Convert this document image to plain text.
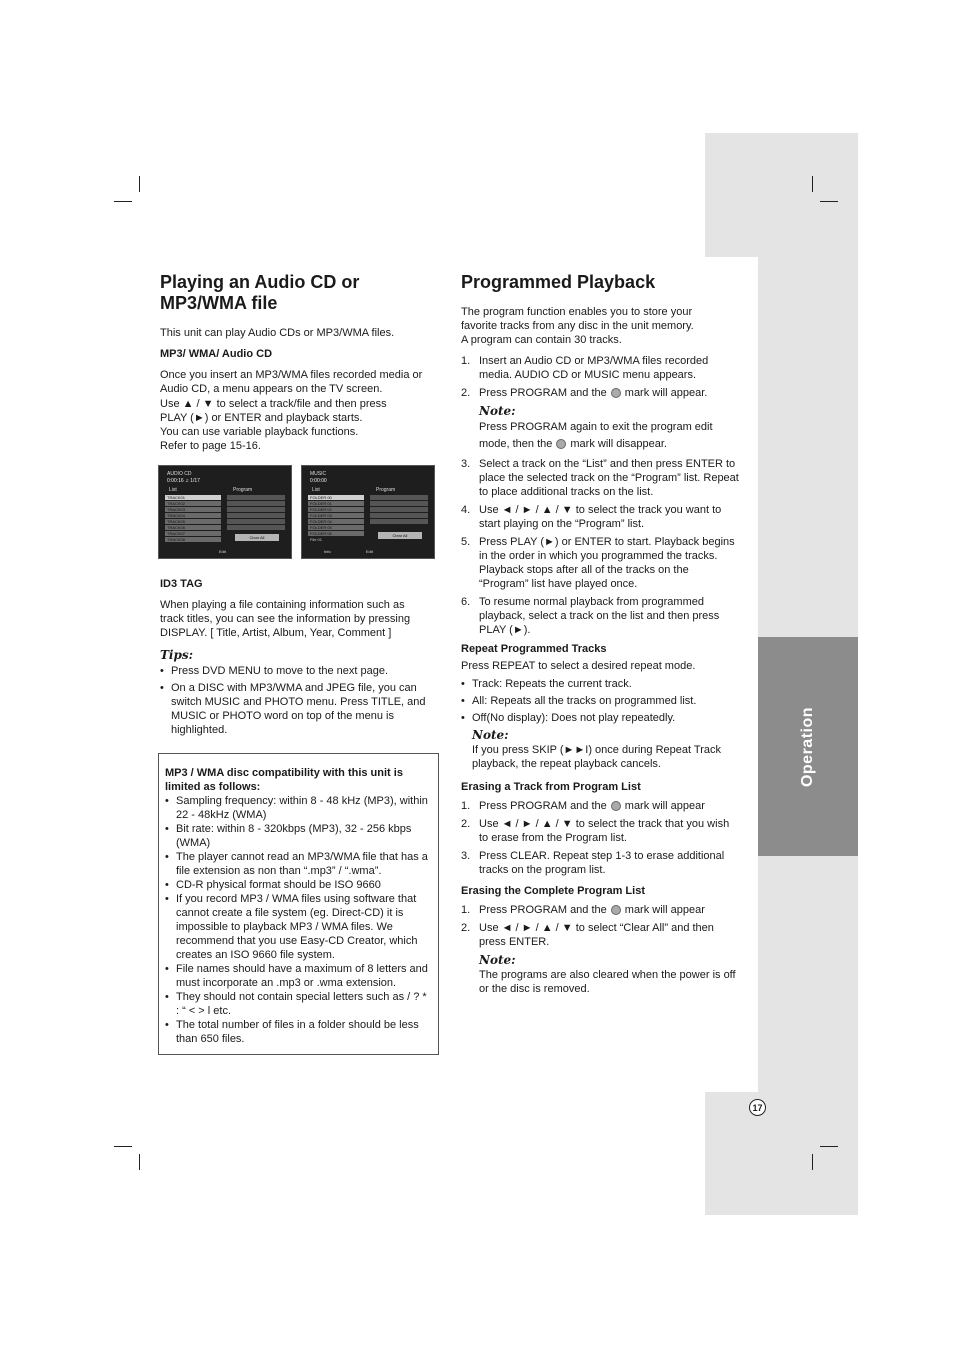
Operation
17
Playing an Audio CD or
MP3/WMA file

This unit can play Audio CDs or MP3/WMA files.

MP3/ WMA/ Audio CD

Once you insert an MP3/WMA files recorded media or
Audio CD, a menu appears on the TV screen.
Use ▲ / ▼ to select a track/file and then press
PLAY (►) or ENTER and playback starts.
You can use variable playback functions.
Refer to page 15-16.
AUDIO CD
0:00:16 ♫ 1/17
List	Program
TRACK01
TRACK02
TRACK03
TRACK04
TRACK05
TRACK06
TRACK07
TRACK08	Clear All
Edit
MUSIC
0:00:00
List	Program
FOLDER 00
FOLDER 01
FOLDER 02
FOLDER 03
FOLDER 04
FOLDER 05
FOLDER 06
File 01
Clear All
Info	Edit

ID3 TAG

When playing a file containing information such as
track titles, you can see the information by pressing
DISPLAY. [ Title, Artist, Album, Year, Comment ]
Tips:
• Press DVD MENU to move to the next page.
• On a DISC with MP3/WMA and JPEG file, you can switch MUSIC and PHOTO menu. Press TITLE, and MUSIC or PHOTO word on top of the menu is highlighted.

MP3 / WMA disc compatibility with this unit is limited as follows:

• Sampling frequency: within 8 - 48 kHz (MP3), within 22 - 48kHz (WMA)
• Bit rate: within 8 - 320kbps (MP3), 32 - 256 kbps (WMA)
• The player cannot read an MP3/WMA file that has a file extension as non than “.mp3” / “.wma”.
• CD-R physical format should be ISO 9660
• If you record MP3 / WMA files using software that cannot create a file system (eg. Direct-CD) it is impossible to playback MP3 / WMA files. We recommend that you use Easy-CD Creator, which creates an ISO 9660 file system.
• File names should have a maximum of 8 letters and must incorporate an .mp3 or .wma extension.
• They should not contain special letters such as / ? * : “ < > l etc.
• The total number of files in a folder should be less than 650 files.
Programmed Playback
The program function enables you to store your
favorite tracks from any disc in the unit memory.
A program can contain 30 tracks.
1. Insert an Audio CD or MP3/WMA files recorded media. AUDIO CD or MUSIC menu appears.
2. Press PROGRAM and the mark will appear.
Note:
Press PROGRAM again to exit the program edit
mode, then the mark will disappear.
3. Select a track on the “List” and then press ENTER to place the selected track on the “Program” list. Repeat to place additional tracks on the list.
4. Use ◄ / ► / ▲ / ▼ to select the track you want to start playing on the “Program” list.
5. Press PLAY (►) or ENTER to start. Playback begins in the order in which you programmed the tracks. Playback stops after all of the tracks on the “Program” list have played once.
6. To resume normal playback from programmed playback, select a track on the list and then press PLAY (►).

Repeat Programmed Tracks

Press REPEAT to select a desired repeat mode.

• Track: Repeats the current track.
• All: Repeats all the tracks on programmed list.
• Off(No display): Does not play repeatedly.
Note:
If you press SKIP (►►I) once during Repeat Track playback, the repeat playback cancels.

Erasing a Track from Program List

1. Press PROGRAM and the mark will appear
2. Use ◄ / ► / ▲ / ▼ to select the track that you wish to erase from the Program list.
3. Press CLEAR. Repeat step 1-3 to erase additional tracks on the program list.

Erasing the Complete Program List

1. Press PROGRAM and the mark will appear
2. Use ◄ / ► / ▲ / ▼ to select “Clear All” and then press ENTER.
Note:
The programs are also cleared when the power is off or the disc is removed.
